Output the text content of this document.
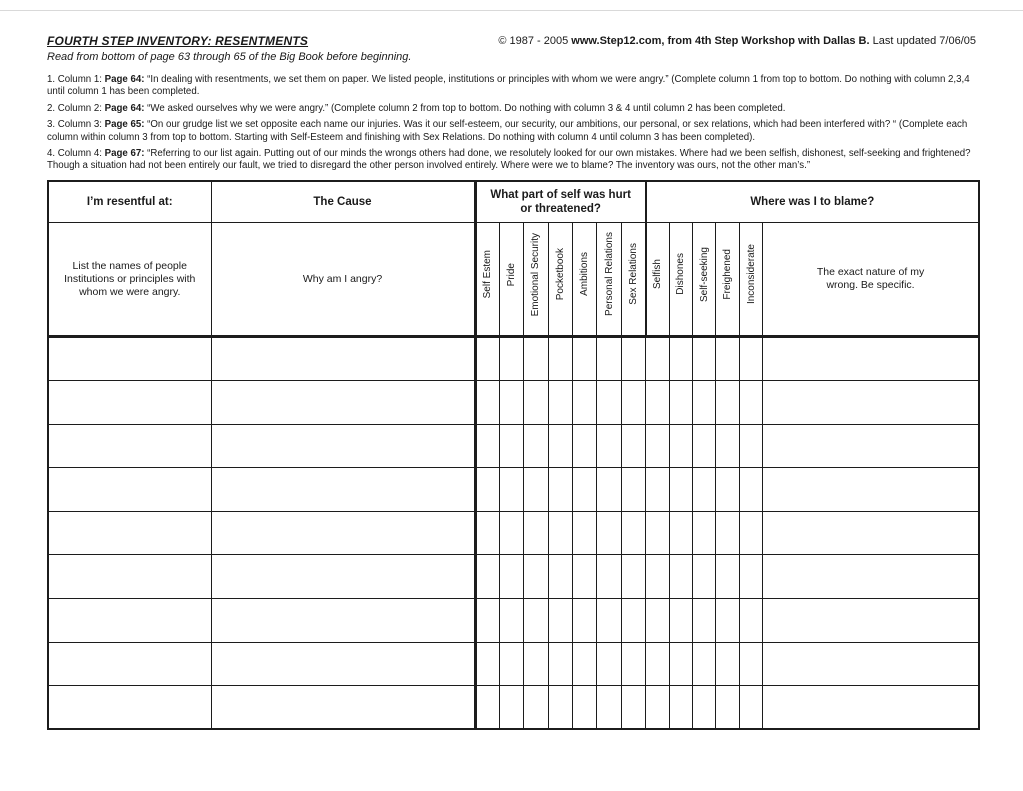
FOURTH STEP INVENTORY: RESENTMENTS	© 1987 - 2005 www.Step12.com, from 4th Step Workshop with Dallas B. Last updated 7/06/05
Read from bottom of page 63 through 65 of the Big Book before beginning.

1. Column 1: Page 64: “In dealing with resentments, we set them on paper. We listed people, institutions or principles with whom we were angry.” (Complete column 1 from top to bottom. Do nothing with column 2,3,4 until column 1 has been completed.

2. Column 2: Page 64: “We asked ourselves why we were angry.” (Complete column 2 from top to bottom. Do nothing with column 3 & 4 until column 2 has been completed.

3. Column 3: Page 65: “On our grudge list we set opposite each name our injuries. Was it our self-esteem, our security, our ambitions, our personal, or sex relations, which had been interfered with? “ (Complete each column within column 3 from top to bottom. Starting with Self-Esteem and finishing with Sex Relations. Do nothing with column 4 until column 3 has been completed).

4. Column 4: Page 67: “Referring to our list again. Putting out of our minds the wrongs others had done, we resolutely looked for our own mistakes. Where had we been selfish, dishonest, self-seeking and frightened? Though a situation had not been entirely our fault, we tried to disregard the other person involved entirely. Where were we to blame? The inventory was ours, not the other man’s.”

I’m resentful at:	The Cause	What part of self was hurt or threatened?							Where was I to blame?					

List the names of people Institutions or principles with whom we were angry.	Why am I angry?	Self Estem	Pride	Emotional Security	Pocketbook	Ambitions	Personal Relations	Sex Relations	Selfish	Dishones	Self-seeking	Freighened	Inconsiderate	The exact nature of my wrong. Be specific.
